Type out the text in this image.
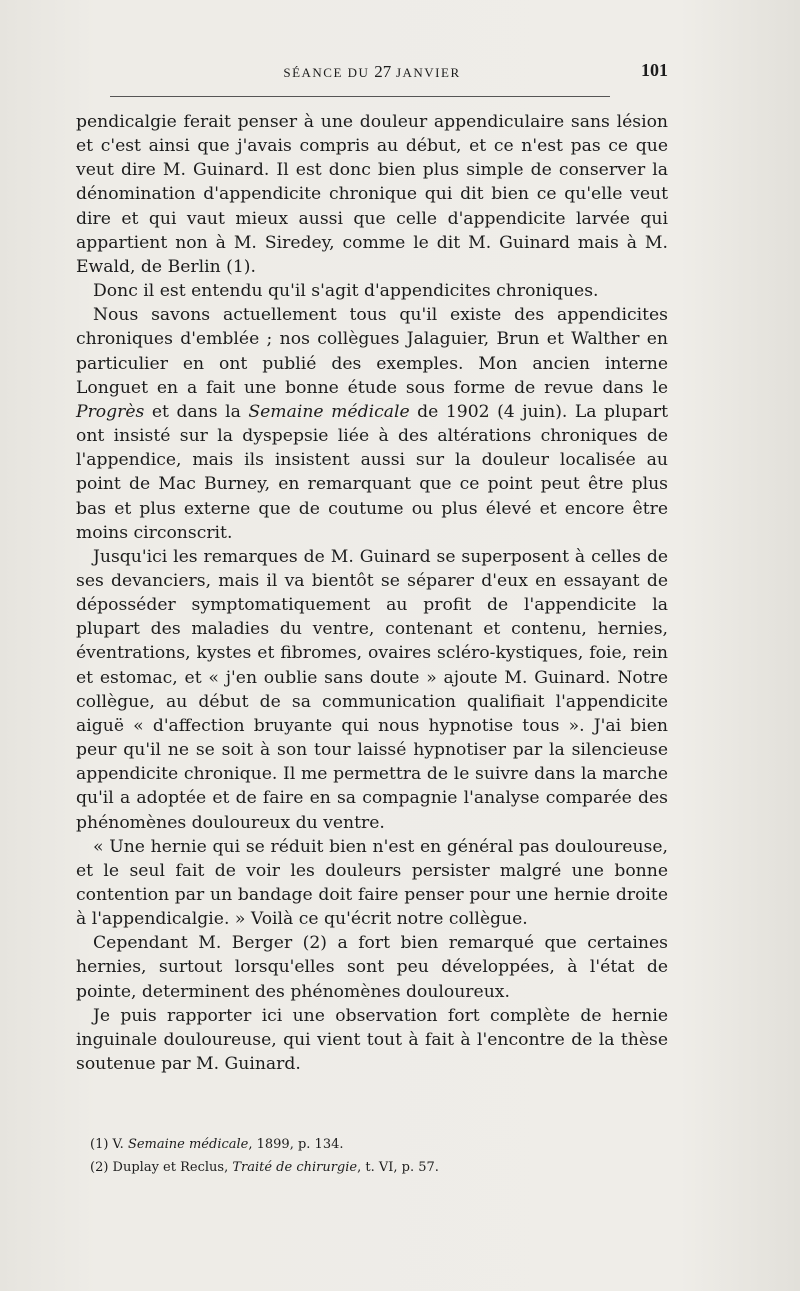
SÉANCE DU 27 JANVIER	101

pendicalgie ferait penser à une douleur appendiculaire sans lésion et c'est ainsi que j'avais compris au début, et ce n'est pas ce que veut dire M. Guinard. Il est donc bien plus simple de conserver la dénomination d'appendicite chronique qui dit bien ce qu'elle veut dire et qui vaut mieux aussi que celle d'appendicite larvée qui appartient non à M. Siredey, comme le dit M. Guinard mais à M. Ewald, de Berlin (1).

Donc il est entendu qu'il s'agit d'appendicites chroniques.

Nous savons actuellement tous qu'il existe des appendicites chroniques d'emblée ; nos collègues Jalaguier, Brun et Walther en particulier en ont publié des exemples. Mon ancien interne Longuet en a fait une bonne étude sous forme de revue dans le Progrès et dans la Semaine médicale de 1902 (4 juin). La plupart ont insisté sur la dyspepsie liée à des altérations chroniques de l'appendice, mais ils insistent aussi sur la douleur localisée au point de Mac Burney, en remarquant que ce point peut être plus bas et plus externe que de coutume ou plus élevé et encore être moins circonscrit.

Jusqu'ici les remarques de M. Guinard se superposent à celles de ses devanciers, mais il va bientôt se séparer d'eux en essayant de déposséder symptomatiquement au profit de l'appendicite la plupart des maladies du ventre, contenant et contenu, hernies, éventrations, kystes et fibromes, ovaires scléro-kystiques, foie, rein et estomac, et « j'en oublie sans doute » ajoute M. Guinard. Notre collègue, au début de sa communication qualifiait l'appendicite aiguë « d'affection bruyante qui nous hypnotise tous ». J'ai bien peur qu'il ne se soit à son tour laissé hypnotiser par la silencieuse appendicite chronique. Il me permettra de le suivre dans la marche qu'il a adoptée et de faire en sa compagnie l'analyse comparée des phénomènes douloureux du ventre.

« Une hernie qui se réduit bien n'est en général pas douloureuse, et le seul fait de voir les douleurs persister malgré une bonne contention par un bandage doit faire penser pour une hernie droite à l'appendicalgie. » Voilà ce qu'écrit notre collègue.

Cependant M. Berger (2) a fort bien remarqué que certaines hernies, surtout lorsqu'elles sont peu développées, à l'état de pointe, determinent des phénomènes douloureux.

Je puis rapporter ici une observation fort complète de hernie inguinale douloureuse, qui vient tout à fait à l'encontre de la thèse soutenue par M. Guinard.

(1) V. Semaine médicale, 1899, p. 134.

(2) Duplay et Reclus, Traité de chirurgie, t. VI, p. 57.
